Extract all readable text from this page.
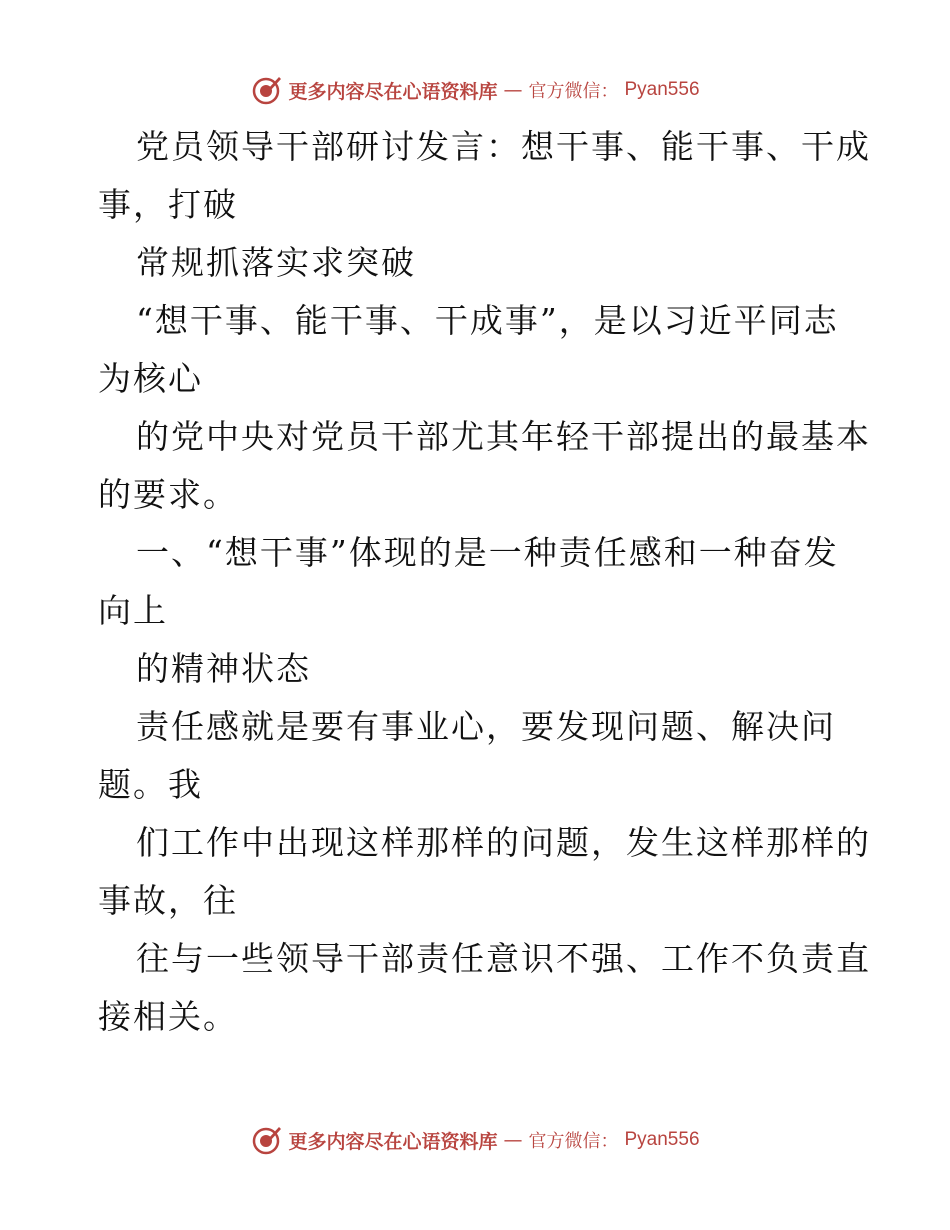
更多内容尽在心语资料库 — 官方微信： Pyan556
党员领导干部研讨发言：想干事、能干事、干成
事，打破
常规抓落实求突破
“想干事、能干事、干成事”，是以习近平同志
为核心
的党中央对党员干部尤其年轻干部提出的最基本
的要求。
一、“想干事”体现的是一种责任感和一种奋发
向上
的精神状态
责任感就是要有事业心，要发现问题、解决问
题。我
们工作中出现这样那样的问题，发生这样那样的
事故，往
往与一些领导干部责任意识不强、工作不负责直
接相关。
更多内容尽在心语资料库 — 官方微信： Pyan556
